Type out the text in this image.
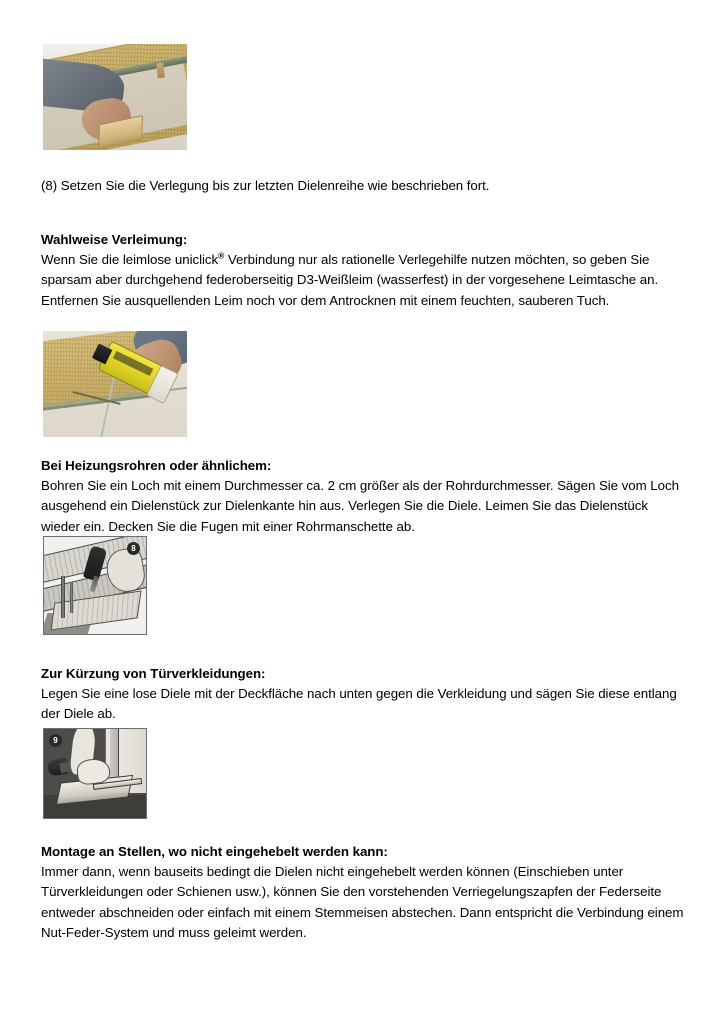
(8) Setzen Sie die Verlegung bis zur letzten Dielenreihe wie beschrieben fort.
Wahlweise Verleimung:
Wenn Sie die leimlose uniclick® Verbindung nur als rationelle Verlegehilfe nutzen möchten, so geben Sie sparsam aber durchgehend federoberseitig D3-Weißleim (wasserfest) in der vorgesehene Leimtasche an. Entfernen Sie ausquellenden Leim noch vor dem Antrocknen mit einem feuchten, sauberen Tuch.
Bei Heizungsrohren oder ähnlichem:
Bohren Sie ein Loch mit einem Durchmesser ca. 2 cm größer als der Rohrdurchmesser. Sägen Sie vom Loch ausgehend ein Dielenstück zur Dielenkante hin aus. Verlegen Sie die Diele. Leimen Sie das Dielenstück wieder ein. Decken Sie die Fugen mit einer Rohrmanschette ab.
8
Zur Kürzung von Türverkleidungen:
Legen Sie eine lose Diele mit der Deckfläche nach unten gegen die Verkleidung und sägen Sie diese entlang der Diele ab.
9
Montage an Stellen, wo nicht eingehebelt werden kann:
Immer dann, wenn bauseits bedingt die Dielen nicht eingehebelt werden können (Einschieben unter Türverkleidungen oder Schienen usw.), können Sie den vorstehenden Verriegelungszapfen der Federseite entweder abschneiden oder einfach mit einem Stemmeisen abstechen. Dann entspricht die Verbindung einem Nut-Feder-System und muss geleimt werden.
